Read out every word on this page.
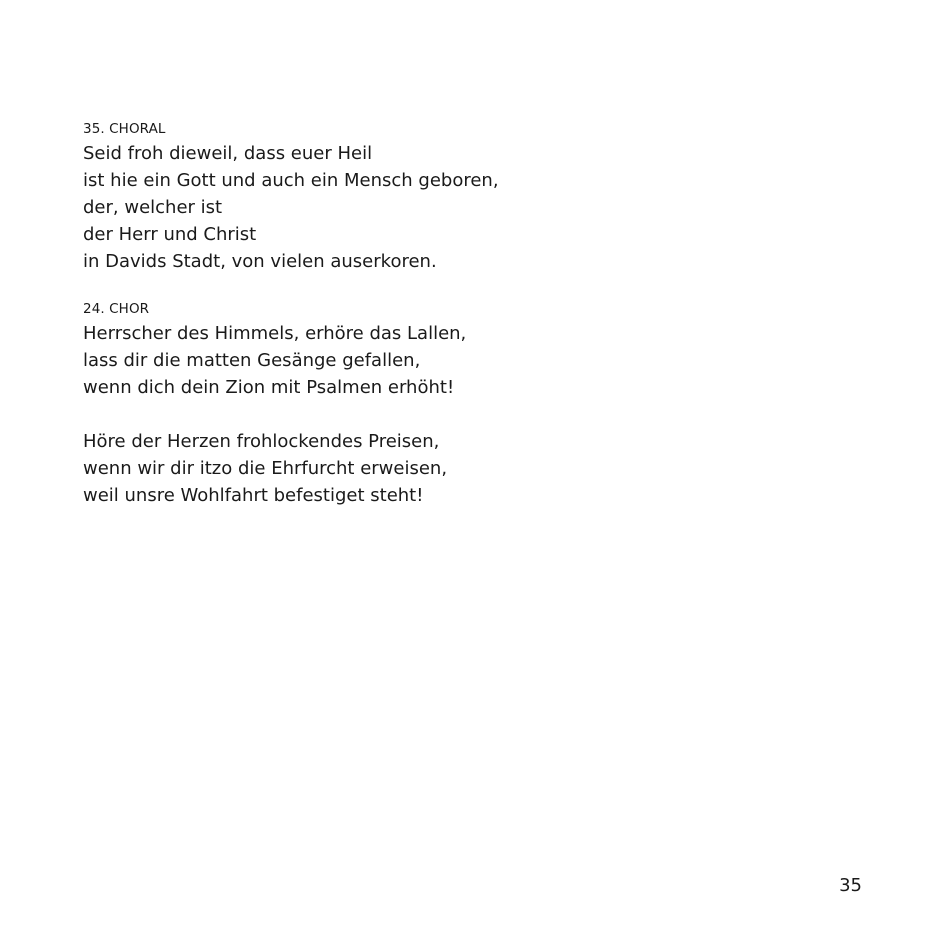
35. CHORAL
Seid froh dieweil, dass euer Heil
ist hie ein Gott und auch ein Mensch geboren,
der, welcher ist
der Herr und Christ
in Davids Stadt, von vielen auserkoren.
24. CHOR
Herrscher des Himmels, erhöre das Lallen,
lass dir die matten Gesänge gefallen,
wenn dich dein Zion mit Psalmen erhöht!
Höre der Herzen frohlockendes Preisen,
wenn wir dir itzo die Ehrfurcht erweisen,
weil unsre Wohlfahrt befestiget steht!
35
